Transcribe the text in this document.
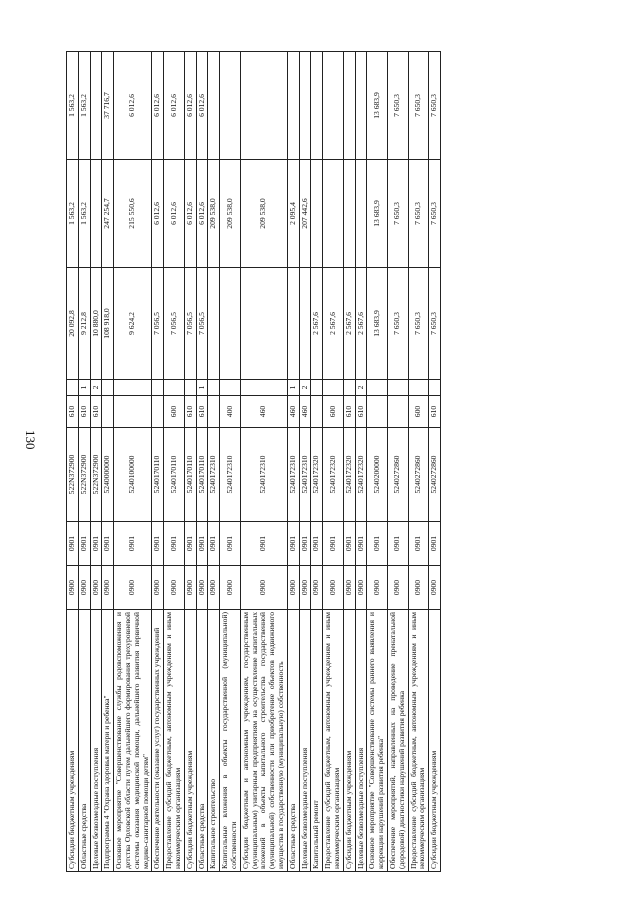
130
Субсидии бюджетным учреждениям	0900	0901	522N372900	610		20 092,8	1 563,2	1 563,2
Областные средства	0900	0901	522N372900	610	1	9 212,8	1 563,2	1 563,2
Целевые безвозмездные поступления	0900	0901	522N372900	610	2	10 880,0		
Подпрограмма 4 "Охрана здоровья матери и ребенка"	0900	0901	5240000000			108 918,0	247 254,7	37 716,7
Основное мероприятие "Совершенствование службы родовспоможения и детства Орловской области путем дальнейшего формирования трехуровневой системы оказания медицинской помощи, дальнейшего развития первичной медико-санитарной помощи детям"	0900	0901	5240100000			9 624,2	215 550,6	6 012,6
Обеспечение деятельности (оказание услуг) государственных учреждений	0900	0901	5240170110			7 056,5	6 012,6	6 012,6
Предоставление субсидий бюджетным, автономным учреждениям и иным некоммерческим организациям	0900	0901	5240170110	600		7 056,5	6 012,6	6 012,6
Субсидии бюджетным учреждениям	0900	0901	5240170110	610		7 056,5	6 012,6	6 012,6
Областные средства	0900	0901	5240170110	610	1	7 056,5	6 012,6	6 012,6
Капитальное строительство	0900	0901	5240172310				209 538,0	
Капитальные вложения в объекты государственной (муниципальной) собственности	0900	0901	5240172310	400			209 538,0	
Субсидии бюджетным и автономным учреждениям, государственным (муниципальным) унитарным предприятиям на осуществление капитальных вложений в объекты капитального строительства государственной (муниципальной) собственности или приобретение объектов недвижимого имущества в государственную (муниципальную) собственность	0900	0901	5240172310	460			209 538,0	
Областные средства	0900	0901	5240172310	460	1		2 095,4	
Целевые безвозмездные поступления	0900	0901	5240172310	460	2		207 442,6	
Капитальный ремонт	0900	0901	5240172320			2 567,6		
Предоставление субсидий бюджетным, автономным учреждениям и иным некоммерческим организациям	0900	0901	5240172320	600		2 567,6		
Субсидии бюджетным учреждениям	0900	0901	5240172320	610		2 567,6		
Целевые безвозмездные поступления	0900	0901	5240172320	610	2	2 567,6		
Основное мероприятие "Совершенствование системы раннего выявления и коррекции нарушений развития ребенка"	0900	0901	5240200000			13 683,9	13 683,9	13 683,9
Обеспечение мероприятий, направленных на проведение пренатальной (дородовой) диагностики нарушений развития ребенка	0900	0901	5240272860			7 650,3	7 650,3	7 650,3
Предоставление субсидий бюджетным, автономным учреждениям и иным некоммерческим организациям	0900	0901	5240272860	600		7 650,3	7 650,3	7 650,3
Субсидии бюджетным учреждениям	0900	0901	5240272860	610		7 650,3	7 650,3	7 650,3
